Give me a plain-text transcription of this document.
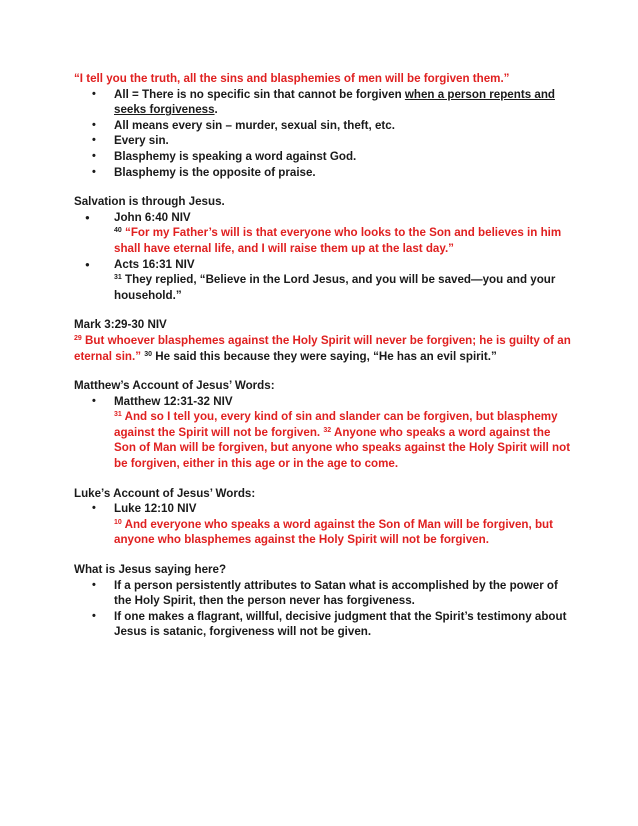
“I tell you the truth, all the sins and blasphemies of men will be forgiven them.”

• All = There is no specific sin that cannot be forgiven when a person repents and seeks forgiveness.
• All means every sin – murder, sexual sin, theft, etc.
• Every sin.
• Blasphemy is speaking a word against God.
• Blasphemy is the opposite of praise.

Salvation is through Jesus.

● John 6:40 NIV

$^{40}$ “For my Father’s will is that everyone who looks to the Son and believes in him shall have eternal life, and I will raise them up at the last day.”

● Acts 16:31 NIV

$^{31}$ They replied, “Believe in the Lord Jesus, and you will be saved—you and your household.”

Mark 3:29-30 NIV

$^{29}$ But whoever blasphemes against the Holy Spirit will never be forgiven; he is guilty of an eternal sin.” $^{30}$ He said this because they were saying, “He has an evil spirit.”

Matthew’s Account of Jesus’ Words:

• Matthew 12:31-32 NIV

$^{31}$ And so I tell you, every kind of sin and slander can be forgiven, but blasphemy against the Spirit will not be forgiven. $^{32}$ Anyone who speaks a word against the Son of Man will be forgiven, but anyone who speaks against the Holy Spirit will not be forgiven, either in this age or in the age to come.

Luke’s Account of Jesus’ Words:

• Luke 12:10 NIV

$^{10}$ And everyone who speaks a word against the Son of Man will be forgiven, but anyone who blasphemes against the Holy Spirit will not be forgiven.

What is Jesus saying here?

• If a person persistently attributes to Satan what is accomplished by the power of the Holy Spirit, then the person never has forgiveness.
• If one makes a flagrant, willful, decisive judgment that the Spirit’s testimony about Jesus is satanic, forgiveness will not be given.
